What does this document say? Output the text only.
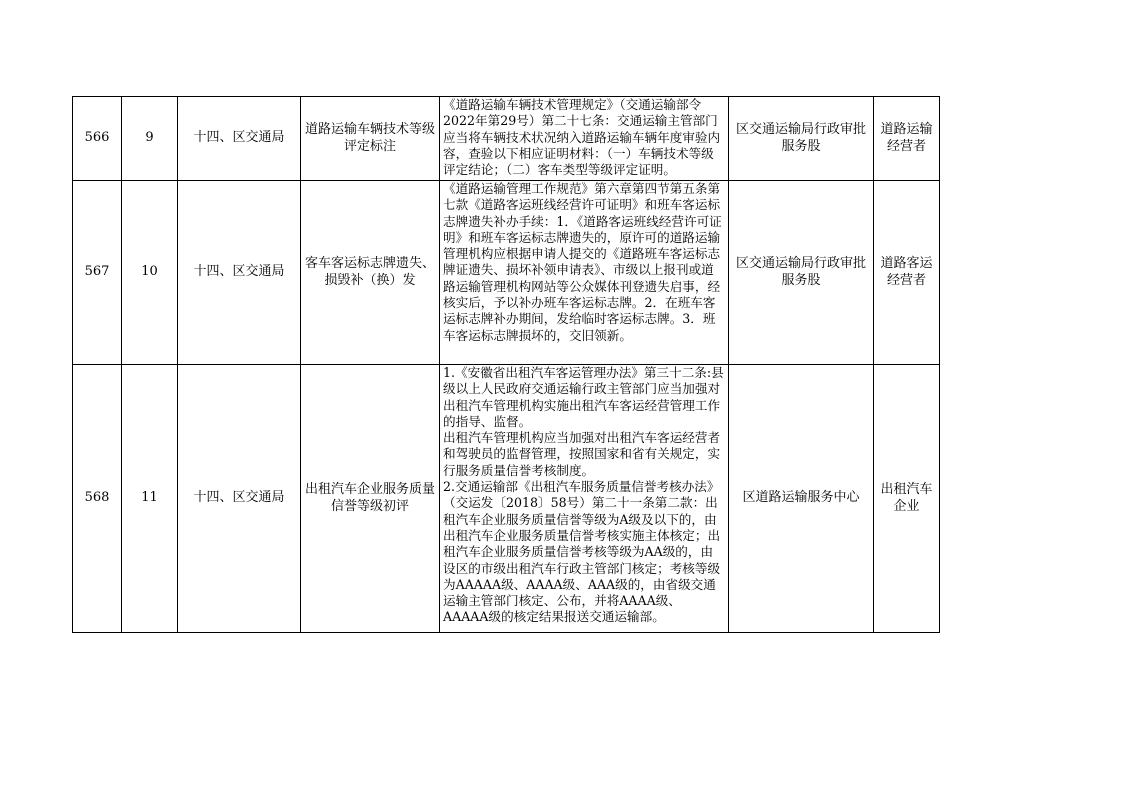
566	9	十四、区交通局	道路运输车辆技术等级评定标注	《道路运输车辆技术管理规定》（交通运输部令2022年第29号）第二十七条：交通运输主管部门应当将车辆技术状况纳入道路运输车辆年度审验内容，查验以下相应证明材料：（一）车辆技术等级评定结论；（二）客车类型等级评定证明。	区交通运输局行政审批服务股	道路运输经营者
567	10	十四、区交通局	客车客运标志牌遗失、损毁补（换）发	《道路运输管理工作规范》第六章第四节第五条第七款《道路客运班线经营许可证明》和班车客运标志牌遗失补办手续：1．《道路客运班线经营许可证明》和班车客运标志牌遗失的，原许可的道路运输管理机构应根据申请人提交的《道路班车客运标志牌证遗失、损坏补领申请表》、市级以上报刊或道路运输管理机构网站等公众媒体刊登遗失启事，经核实后，予以补办班车客运标志牌。2．在班车客运标志牌补办期间，发给临时客运标志牌。3．班车客运标志牌损坏的，交旧领新。	区交通运输局行政审批服务股	道路客运经营者
568	11	十四、区交通局	出租汽车企业服务质量信誉等级初评	1.《安徽省出租汽车客运管理办法》第三十二条:县级以上人民政府交通运输行政主管部门应当加强对出租汽车管理机构实施出租汽车客运经营管理工作的指导、监督。
出租汽车管理机构应当加强对出租汽车客运经营者和驾驶员的监督管理，按照国家和省有关规定，实行服务质量信誉考核制度。
2.交通运输部《出租汽车服务质量信誉考核办法》（交运发〔2018〕58号）第二十一条第二款：出租汽车企业服务质量信誉等级为A级及以下的，由出租汽车企业服务质量信誉考核实施主体核定；出租汽车企业服务质量信誉考核等级为AA级的，由设区的市级出租汽车行政主管部门核定；考核等级为AAAAA级、AAAA级、AAA级的，由省级交通运输主管部门核定、公布，并将AAAA级、AAAAA级的核定结果报送交通运输部。	区道路运输服务中心	出租汽车企业
